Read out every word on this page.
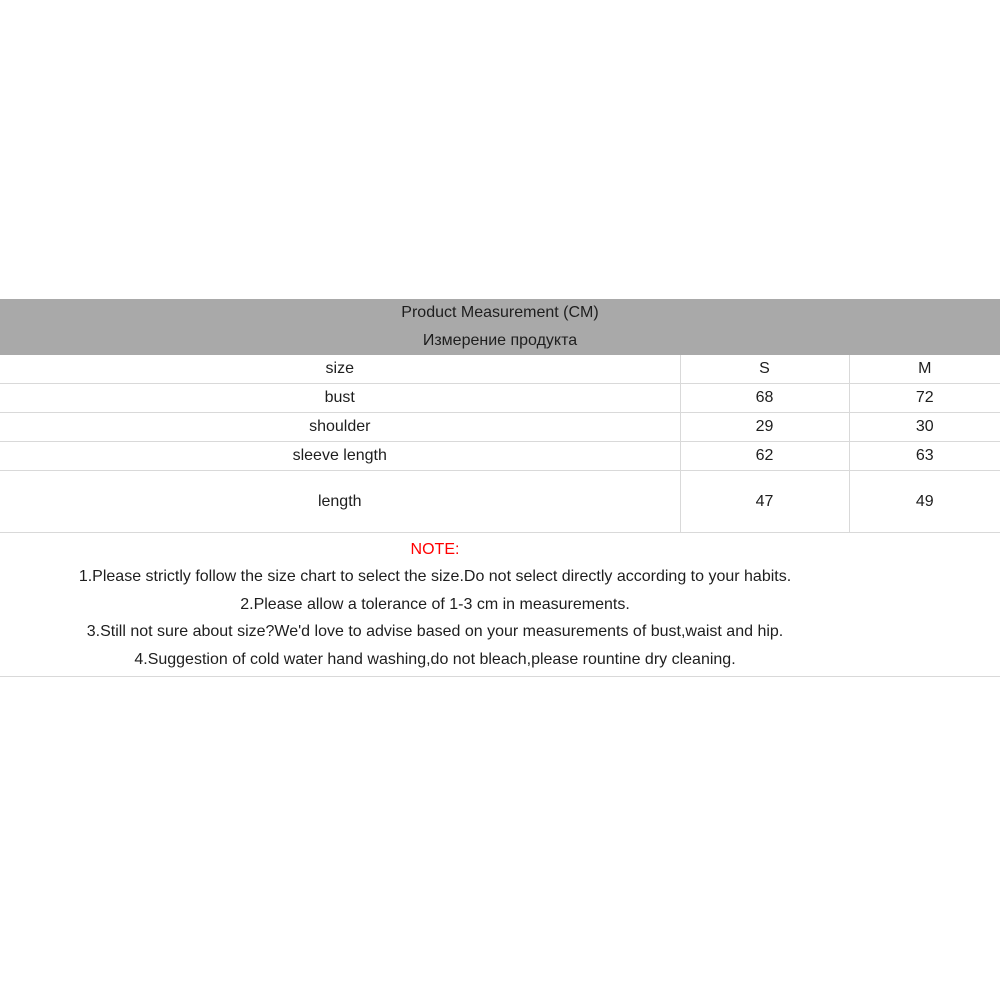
Product Measurement (CM)
Измерение продукта
size	S	M
bust	68	72
shoulder	29	30
sleeve length	62	63
length	47	49
NOTE:
1.Please strictly follow the size chart to select the size.Do not select directly according to your habits.
2.Please allow a tolerance of 1-3 cm in measurements.
3.Still not sure about size?We'd love to advise based on your measurements of bust,waist and hip.
4.Suggestion of cold water hand washing,do not bleach,please rountine dry cleaning.
